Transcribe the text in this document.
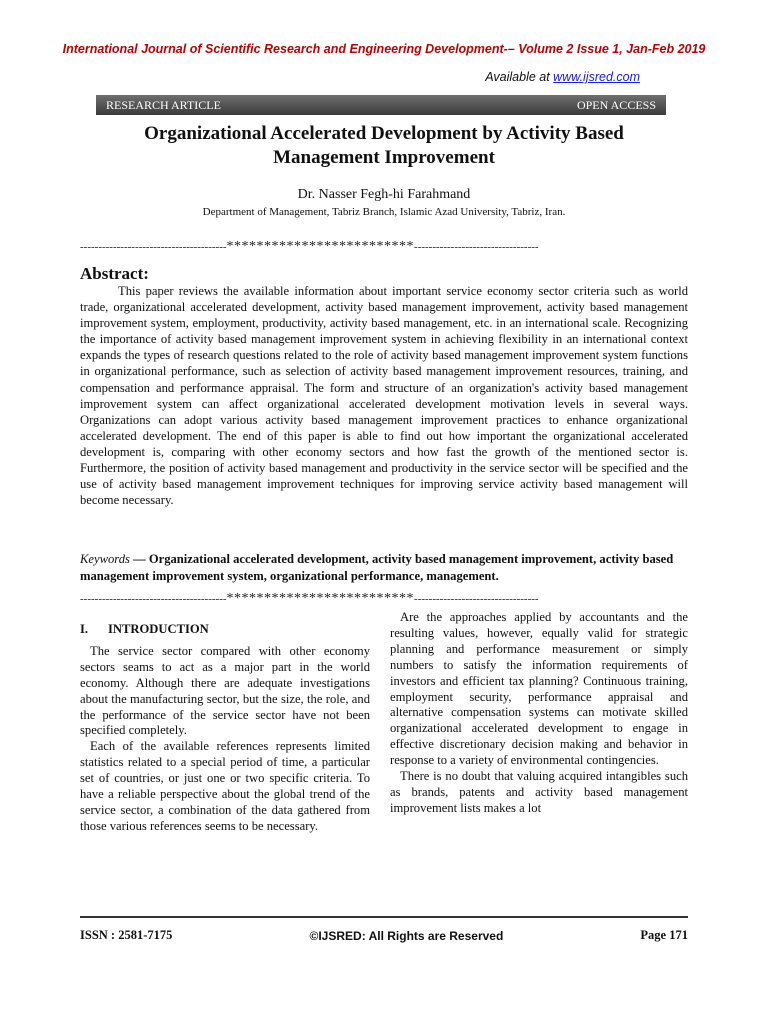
International Journal of Scientific Research and Engineering Development-– Volume 2 Issue 1, Jan-Feb 2019
Available at www.ijsred.com
RESEARCH ARTICLE	OPEN ACCESS
Organizational Accelerated Development by Activity Based
Management Improvement
Dr. Nasser Fegh-hi Farahmand
Department of Management, Tabriz Branch, Islamic Azad University, Tabriz, Iran.
----------------------------------------*************************----------------------------------
Abstract:
This paper reviews the available information about important service economy sector criteria such as world trade, organizational accelerated development, activity based management improvement, activity based management improvement system, employment, productivity, activity based management, etc. in an international scale. Recognizing the importance of activity based management improvement system in achieving flexibility in an international context expands the types of research questions related to the role of activity based management improvement system functions in organizational performance, such as selection of activity based management improvement resources, training, and compensation and performance appraisal. The form and structure of an organization's activity based management improvement system can affect organizational accelerated development motivation levels in several ways. Organizations can adopt various activity based management improvement practices to enhance organizational accelerated development. The end of this paper is able to find out how important the organizational accelerated development is, comparing with other economy sectors and how fast the growth of the mentioned sector is. Furthermore, the position of activity based management and productivity in the service sector will be specified and the use of activity based management improvement techniques for improving service activity based management will become necessary.
Keywords — Organizational accelerated development, activity based management improvement, activity based management improvement system, organizational performance, management.
----------------------------------------*************************----------------------------------
I. INTRODUCTION

The service sector compared with other economy sectors seams to act as a major part in the world economy. Although there are adequate investigations about the manufacturing sector, but the size, the role, and the performance of the service sector have not been specified completely.

Each of the available references represents limited statistics related to a special period of time, a particular set of countries, or just one or two specific criteria. To have a reliable perspective about the global trend of the service sector, a combination of the data gathered from those various references seems to be necessary.

Are the approaches applied by accountants and the resulting values, however, equally valid for strategic planning and performance measurement or simply numbers to satisfy the information requirements of investors and efficient tax planning? Continuous training, employment security, performance appraisal and alternative compensation systems can motivate skilled organizational accelerated development to engage in effective discretionary decision making and behavior in response to a variety of environmental contingencies.

There is no doubt that valuing acquired intangibles such as brands, patents and activity based management improvement lists makes a lot

ISSN : 2581-7175	©IJSRED: All Rights are Reserved	Page 171
